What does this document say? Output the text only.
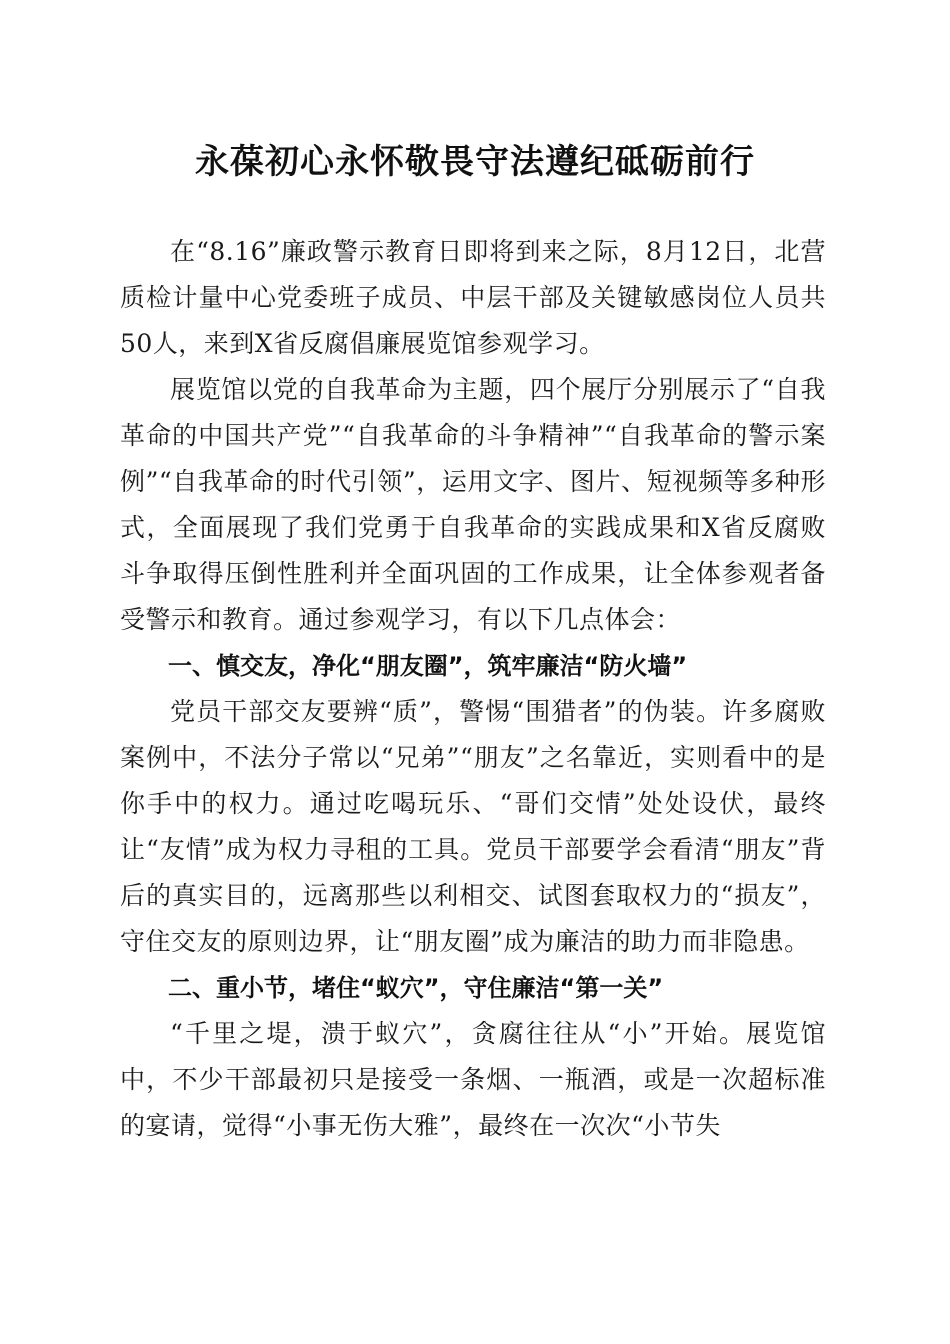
永葆初心永怀敬畏守法遵纪砥砺前行

在“8.16”廉政警示教育日即将到来之际，8月12日，北营质检计量中心党委班子成员、中层干部及关键敏感岗位人员共50人，来到X省反腐倡廉展览馆参观学习。

展览馆以党的自我革命为主题，四个展厅分别展示了“自我革命的中国共产党”“自我革命的斗争精神”“自我革命的警示案例”“自我革命的时代引领”，运用文字、图片、短视频等多种形式，全面展现了我们党勇于自我革命的实践成果和X省反腐败斗争取得压倒性胜利并全面巩固的工作成果，让全体参观者备受警示和教育。通过参观学习，有以下几点体会：

一、慎交友，净化“朋友圈”，筑牢廉洁“防火墙”

党员干部交友要辨“质”，警惕“围猎者”的伪装。许多腐败案例中，不法分子常以“兄弟”“朋友”之名靠近，实则看中的是你手中的权力。通过吃喝玩乐、“哥们交情”处处设伏，最终让“友情”成为权力寻租的工具。党员干部要学会看清“朋友”背后的真实目的，远离那些以利相交、试图套取权力的“损友”，守住交友的原则边界，让“朋友圈”成为廉洁的助力而非隐患。

二、重小节，堵住“蚁穴”，守住廉洁“第一关”

“千里之堤，溃于蚁穴”，贪腐往往从“小”开始。展览馆中，不少干部最初只是接受一条烟、一瓶酒，或是一次超标准的宴请，觉得“小事无伤大雅”，最终在一次次“小节失
